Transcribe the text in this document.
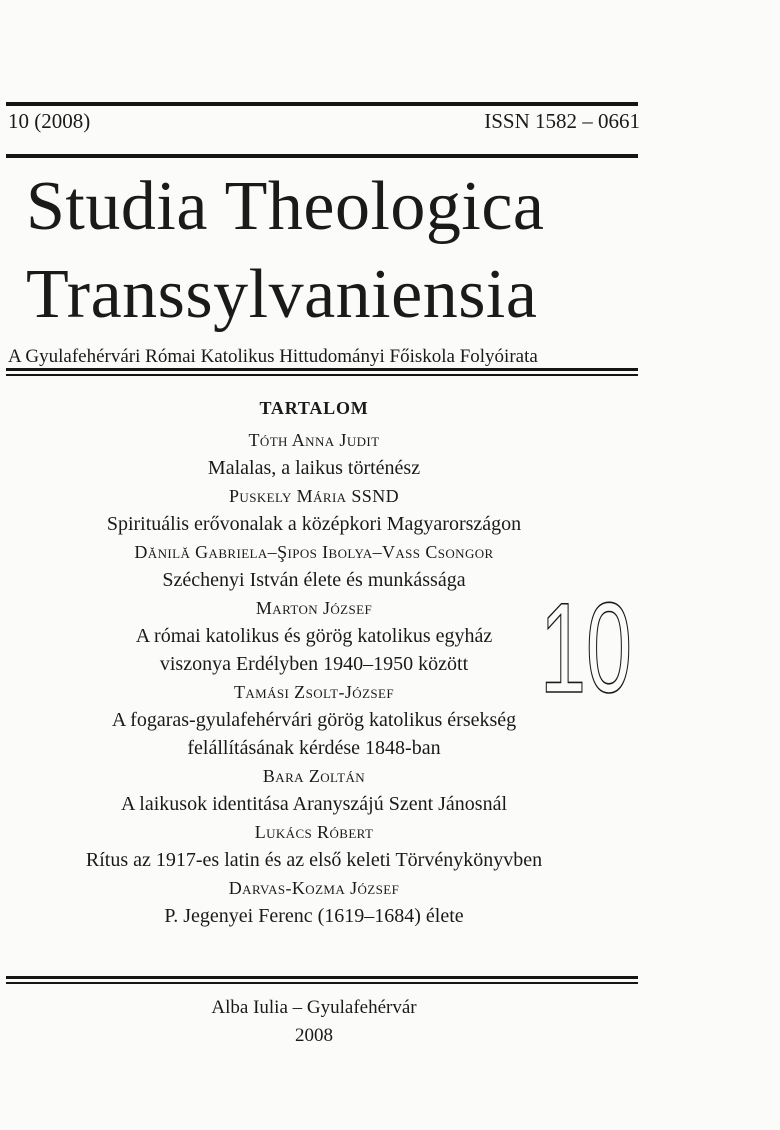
10 (2008)	ISSN 1582 – 0661
Studia Theologica
Transsylvaniensia
A Gyulafehérvári Római Katolikus Hittudományi Főiskola Folyóirata
TARTALOM
Tóth Anna Judit
Malalas, a laikus történész
Puskely Mária SSND
Spirituális erővonalak a középkori Magyarországon
Dănilă Gabriela–Şipos Ibolya–Vass Csongor
Széchenyi István élete és munkássága
Marton József
A római katolikus és görög katolikus egyház
viszonya Erdélyben 1940–1950 között
Tamási Zsolt-József
A fogaras-gyulafehérvári görög katolikus érsekség
felállításának kérdése 1848-ban
Bara Zoltán
A laikusok identitása Aranyszájú Szent Jánosnál
Lukács Róbert
Rítus az 1917-es latin és az első keleti Törvénykönyvben
Darvas-Kozma József
P. Jegenyei Ferenc (1619–1684) élete
10
Alba Iulia – Gyulafehérvár
2008
